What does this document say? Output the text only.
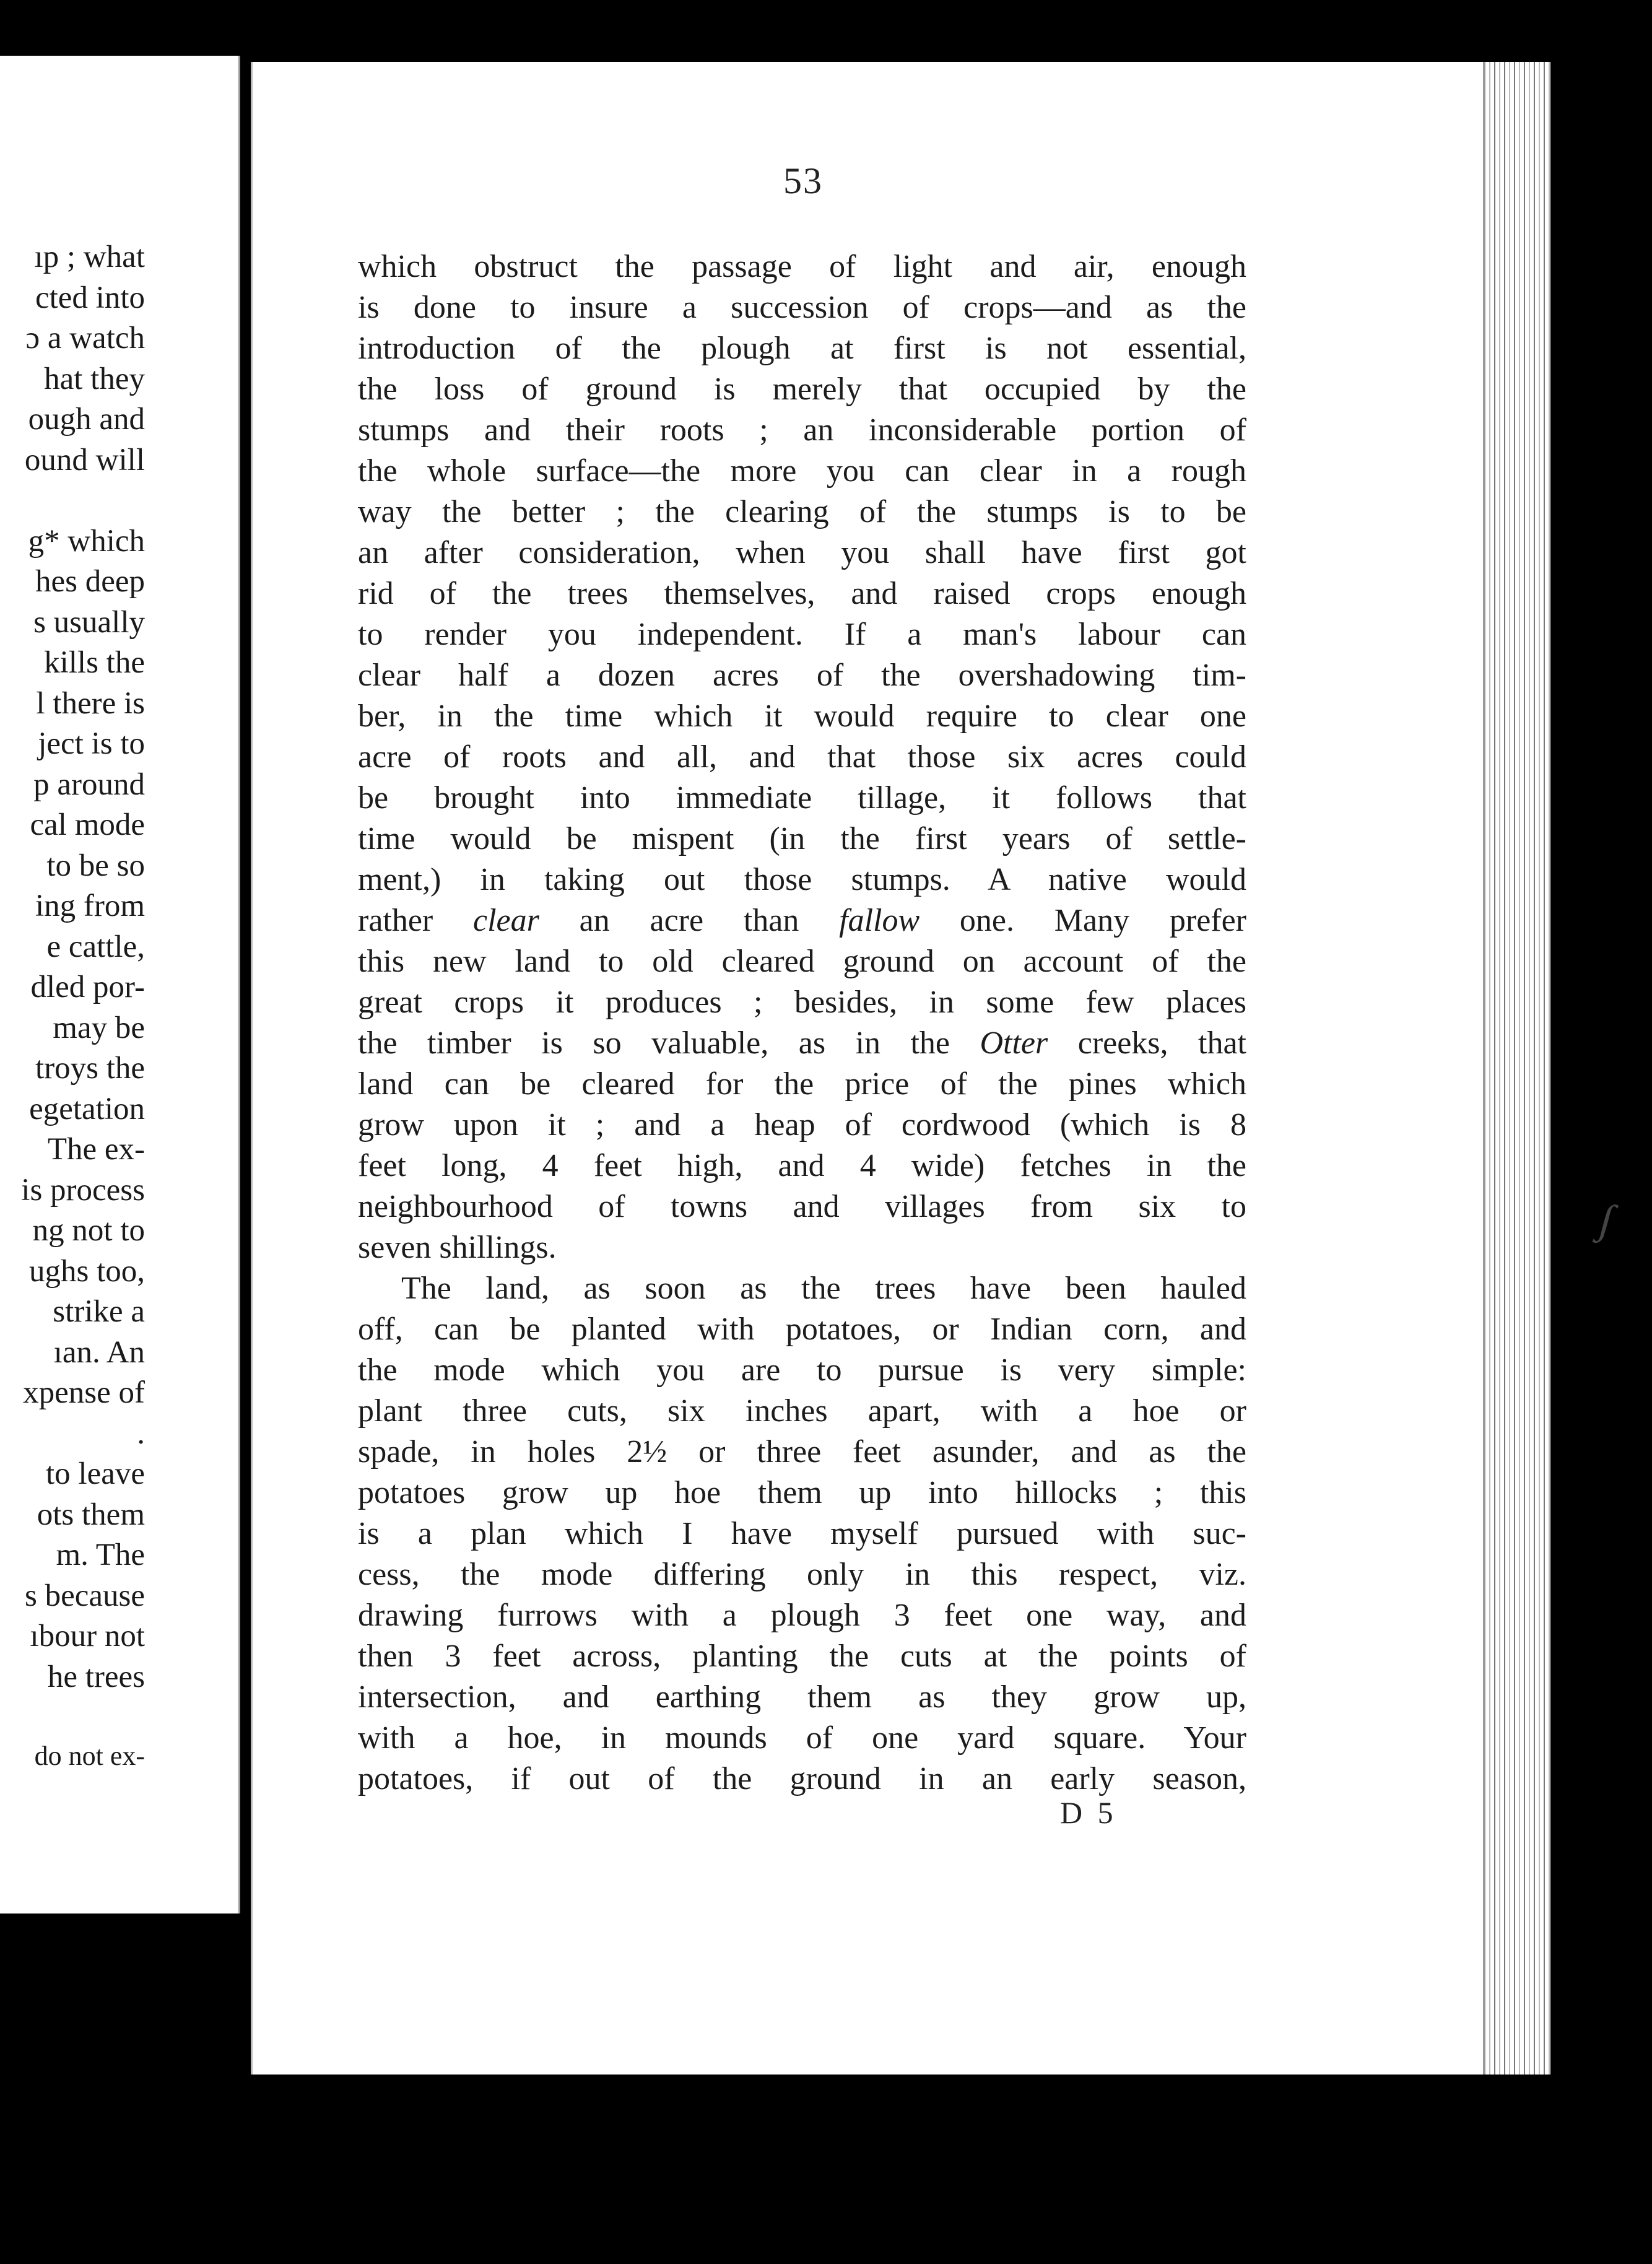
ıp ; what
cted into
ɔ a watch
hat they
ough and
ound will
g* which
hes deep
s usually
kills the
l there is
ject is to
p around
cal mode
to be so
ing from
e cattle,
dled por-
may be
troys the
egetation
The ex-
is process
ng not to
ughs too,
strike a
ıan. An
xpense of
.
to leave
ots them
m. The
s because
ıbour not
he trees
do not ex-
53
which obstruct the passage of light and air, enough
is done to insure a succession of crops—and as the
introduction of the plough at first is not essential,
the loss of ground is merely that occupied by the
stumps and their roots ; an inconsiderable portion of
the whole surface—the more you can clear in a rough
way the better ; the clearing of the stumps is to be
an after consideration, when you shall have first got
rid of the trees themselves, and raised crops enough
to render you independent. If a man's labour can
clear half a dozen acres of the overshadowing tim-
ber, in the time which it would require to clear one
acre of roots and all, and that those six acres could
be brought into immediate tillage, it follows that
time would be mispent (in the first years of settle-
ment,) in taking out those stumps. A native would
rather clear an acre than fallow one. Many prefer
this new land to old cleared ground on account of the
great crops it produces ; besides, in some few places
the timber is so valuable, as in the Otter creeks, that
land can be cleared for the price of the pines which
grow upon it ; and a heap of cordwood (which is 8
feet long, 4 feet high, and 4 wide) fetches in the
neighbourhood of towns and villages from six to
seven shillings.
The land, as soon as the trees have been hauled
off, can be planted with potatoes, or Indian corn, and
the mode which you are to pursue is very simple:
plant three cuts, six inches apart, with a hoe or
spade, in holes 2½ or three feet asunder, and as the
potatoes grow up hoe them up into hillocks ; this
is a plan which I have myself pursued with suc-
cess, the mode differing only in this respect, viz.
drawing furrows with a plough 3 feet one way, and
then 3 feet across, planting the cuts at the points of
intersection, and earthing them as they grow up,
with a hoe, in mounds of one yard square. Your
potatoes, if out of the ground in an early season,
D 5
∫
